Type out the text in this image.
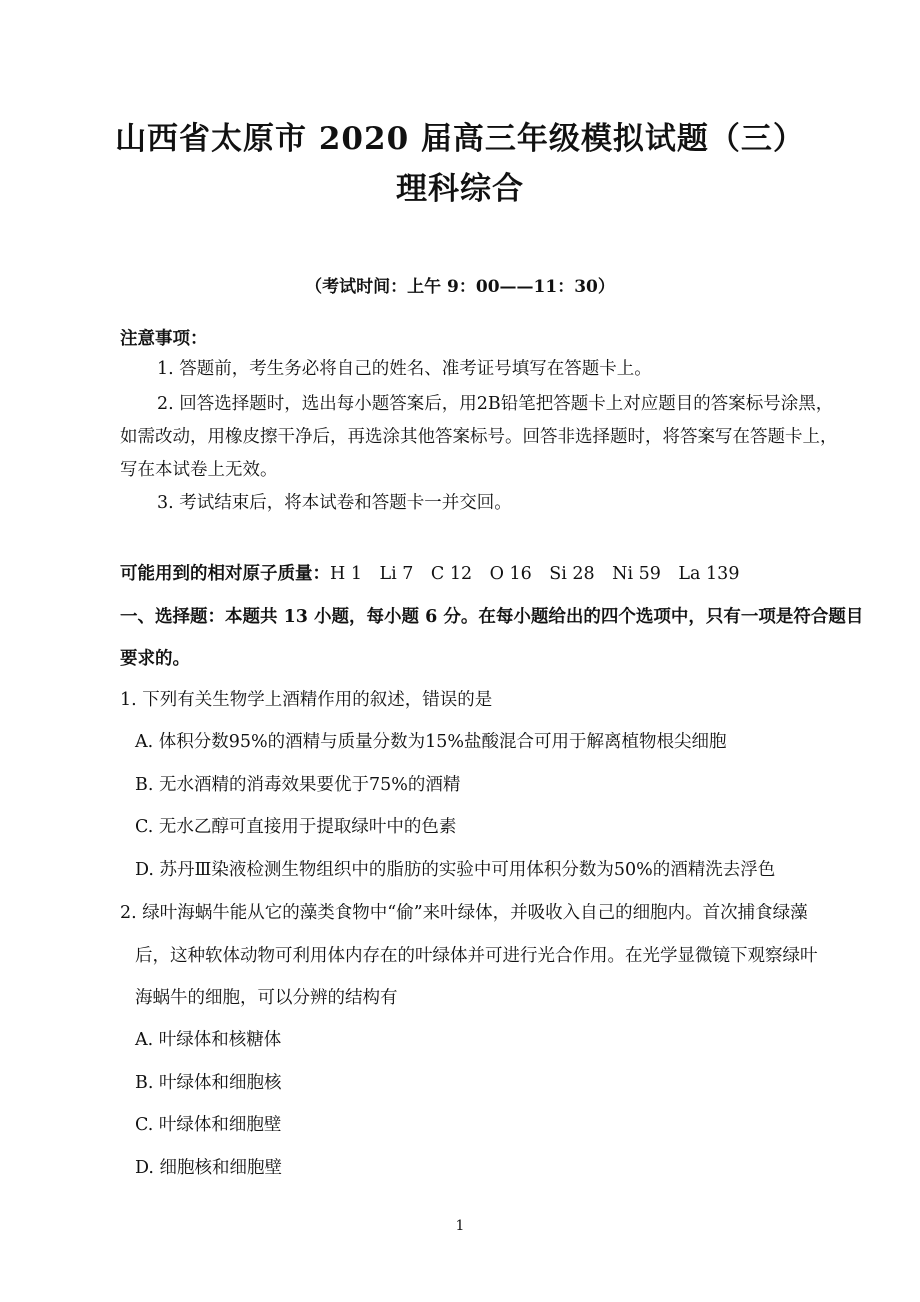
山西省太原市 2020 届高三年级模拟试题（三）
理科综合
（考试时间：上午 9：00——11：30）
注意事项：
1. 答题前，考生务必将自己的姓名、准考证号填写在答题卡上。
2. 回答选择题时，选出每小题答案后，用2B铅笔把答题卡上对应题目的答案标号涂黑，
如需改动，用橡皮擦干净后，再选涂其他答案标号。回答非选择题时，将答案写在答题卡上，
写在本试卷上无效。
3. 考试结束后，将本试卷和答题卡一并交回。
可能用到的相对原子质量：H 1　Li 7　C 12　O 16　Si 28　Ni 59　La 139
一、选择题：本题共 13 小题，每小题 6 分。在每小题给出的四个选项中，只有一项是符合题目
要求的。
1. 下列有关生物学上酒精作用的叙述，错误的是
A. 体积分数95%的酒精与质量分数为15%盐酸混合可用于解离植物根尖细胞
B. 无水酒精的消毒效果要优于75%的酒精
C. 无水乙醇可直接用于提取绿叶中的色素
D. 苏丹Ⅲ染液检测生物组织中的脂肪的实验中可用体积分数为50%的酒精洗去浮色
2. 绿叶海蜗牛能从它的藻类食物中“偷”来叶绿体，并吸收入自己的细胞内。首次捕食绿藻
后，这种软体动物可利用体内存在的叶绿体并可进行光合作用。在光学显微镜下观察绿叶
海蜗牛的细胞，可以分辨的结构有
A. 叶绿体和核糖体
B. 叶绿体和细胞核
C. 叶绿体和细胞壁
D. 细胞核和细胞壁
1
